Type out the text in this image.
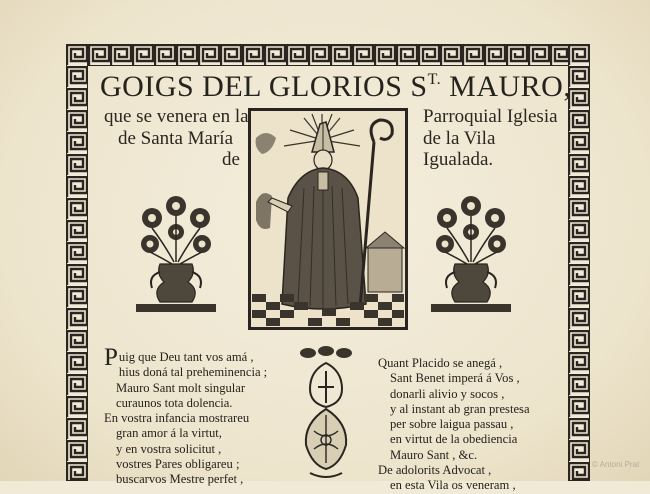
GOIGS DEL GLORIOS $S^{T.}$ MAURO,
que se venera en la
de Santa María
de
Parroquial Iglesia
de la Vila
Igualada.
P uig que Deu tant vos amá ,
hius doná tal preheminencia ;
Mauro Sant molt singular
curaunos tota dolencia.
En vostra infancia mostrareu
gran amor á la virtut,
y en vostra solicitut ,
vostres Pares obligareu ;
buscarvos Mestre perfet ,
Quant Placido se anegá ,
Sant Benet imperá á Vos ,
donarli alivio y socos ,
y al instant ab gran prestesa
per sobre laigua passau ,
en virtut de la obediencia
Mauro Sant , &c.
De adolorits Advocat ,
en esta Vila os veneram ,
© Antoni Prat
